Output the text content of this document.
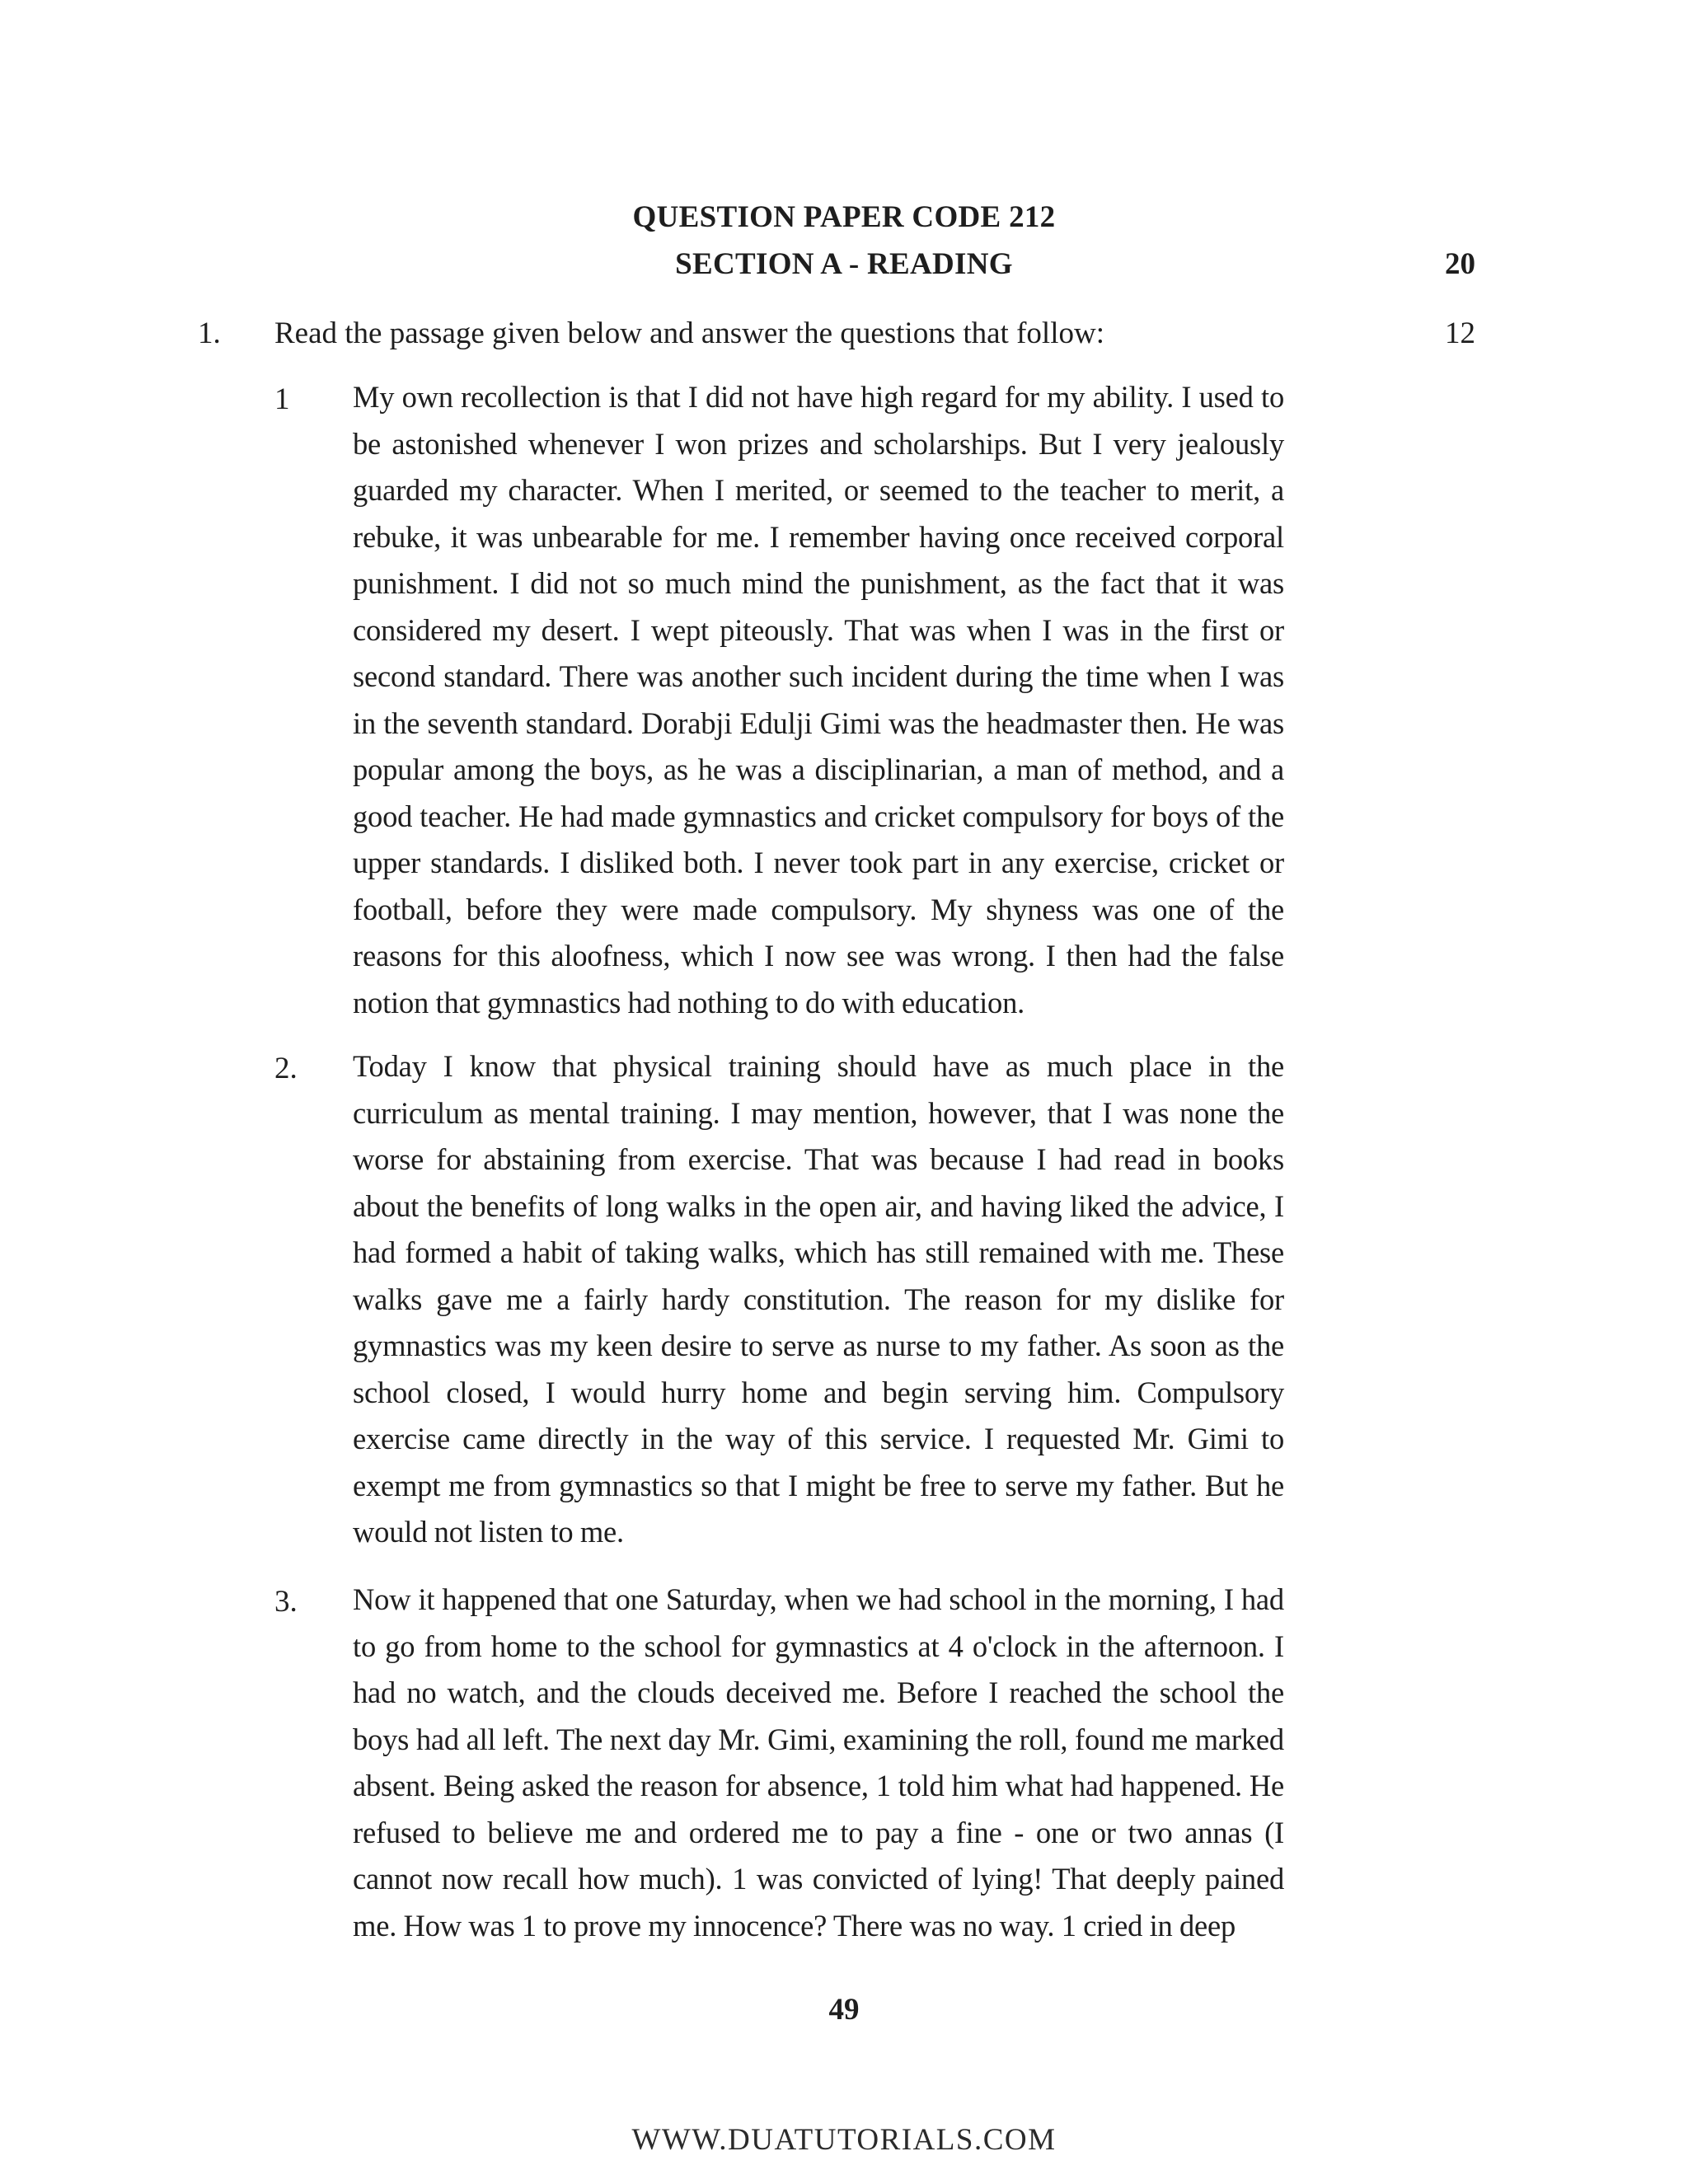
QUESTION PAPER CODE 212
SECTION A - READING	20
1. Read the passage given below and answer the questions that follow:	12
1 My own recollection is that I did not have high regard for my ability. I used to be astonished whenever I won prizes and scholarships. But I very jealously guarded my character. When I merited, or seemed to the teacher to merit, a rebuke, it was unbearable for me. I remember having once received corporal punishment. I did not so much mind the punishment, as the fact that it was considered my desert. I wept piteously. That was when I was in the first or second standard. There was another such incident during the time when I was in the seventh standard. Dorabji Edulji Gimi was the headmaster then. He was popular among the boys, as he was a disciplinarian, a man of method, and a good teacher. He had made gymnastics and cricket compulsory for boys of the upper standards. I disliked both. I never took part in any exercise, cricket or football, before they were made compulsory. My shyness was one of the reasons for this aloofness, which I now see was wrong. I then had the false notion that gymnastics had nothing to do with education.

2. Today I know that physical training should have as much place in the curriculum as mental training. I may mention, however, that I was none the worse for abstaining from exercise. That was because I had read in books about the benefits of long walks in the open air, and having liked the advice, I had formed a habit of taking walks, which has still remained with me. These walks gave me a fairly hardy constitution. The reason for my dislike for gymnastics was my keen desire to serve as nurse to my father. As soon as the school closed, I would hurry home and begin serving him. Compulsory exercise came directly in the way of this service. I requested Mr. Gimi to exempt me from gymnastics so that I might be free to serve my father. But he would not listen to me.

3. Now it happened that one Saturday, when we had school in the morning, I had to go from home to the school for gymnastics at 4 o'clock in the afternoon. I had no watch, and the clouds deceived me. Before I reached the school the boys had all left. The next day Mr. Gimi, examining the roll, found me marked absent. Being asked the reason for absence, 1 told him what had happened. He refused to believe me and ordered me to pay a fine - one or two annas (I cannot now recall how much). 1 was convicted of lying! That deeply pained me. How was 1 to prove my innocence? There was no way. 1 cried in deep

49
WWW.DUATUTORIALS.COM
